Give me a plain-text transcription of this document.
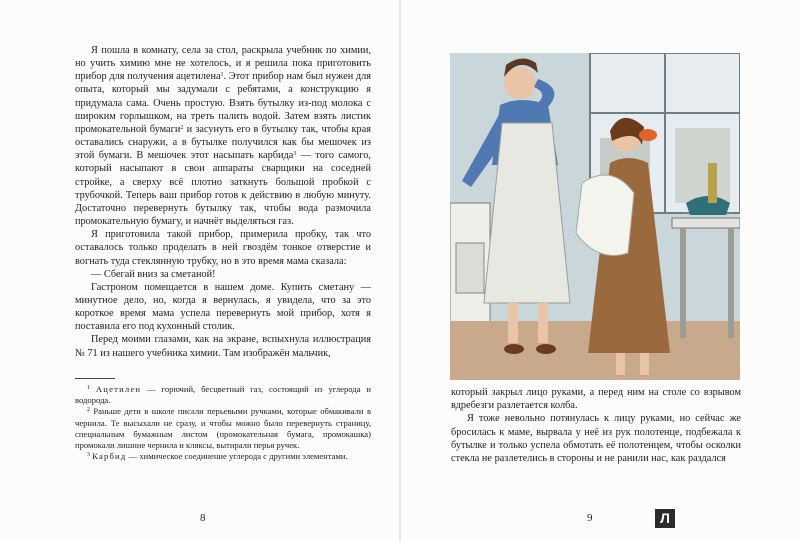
Я пошла в комнату, села за стол, раскрыла учебник по химии, но учить химию мне не хотелось, и я решила пока приготовить прибор для получения ацетилена$^1$. Этот прибор нам был нужен для опыта, который мы задумали с ребятами, а конструкцию я придумала сама. Очень простую. Взять бутылку из-под молока с широким горлышком, на треть палить водой. Затем взять листик промокательной бумаги$^2$ и засунуть его в бутылку так, чтобы края оставались снаружи, а в бутылке получился как бы мешочек из этой бумаги. В мешочек этот насыпать карбида$^3$ — того самого, который насыпают в свои аппараты сварщики на соседней стройке, а сверху всё плотно заткнуть большой пробкой с трубочкой. Теперь ваш прибор готов к действию в любую минуту. Достаточно перевернуть бутылку так, чтобы вода размочила промокательную бумагу, и начнёт выделяться газ.

Я приготовила такой прибор, примерила пробку, так что оставалось только проделать в ней гвоздём тонкое отверстие и вогнать туда стеклянную трубку, но в это время мама сказала:

— Сбегай вниз за сметаной!

Гастроном помещается в нашем доме. Купить сметану — минутное дело, но, когда я вернулась, я увидела, что за это короткое время мама успела перевернуть мой прибор, хотя я поставила его под кухонный столик.

Перед моими глазами, как на экране, вспыхнула иллюстрация № 71 из нашего учебника химии. Там изображён мальчик,

$^1$ Ацетилен — горючий, бесцветный газ, состоящий из углерода и водорода.

$^2$ Раньше дети в школе писали перьевыми ручками, которые обмакивали в чернила. Те высыхали не сразу, и чтобы можно было перевернуть страницу, специальным бумажным листом (промокательная бумага, промокашка) промокали лишние чернила и кляксы, вытирали перья ручек.

$^3$ Карбид — химическое соединение углерода с другими элементами.

8

который закрыл лицо руками, а перед ним на столе со взрывом вдребезги разлетается колба.

Я тоже невольно потянулась к лицу руками, но сейчас же бросилась к маме, вырвала у неё из рук полотенце, подбежала к бутылке и только успела обмотать её полотенцем, чтобы осколки стекла не разлетелись в стороны и не ранили нас, как раздался

9	Л
